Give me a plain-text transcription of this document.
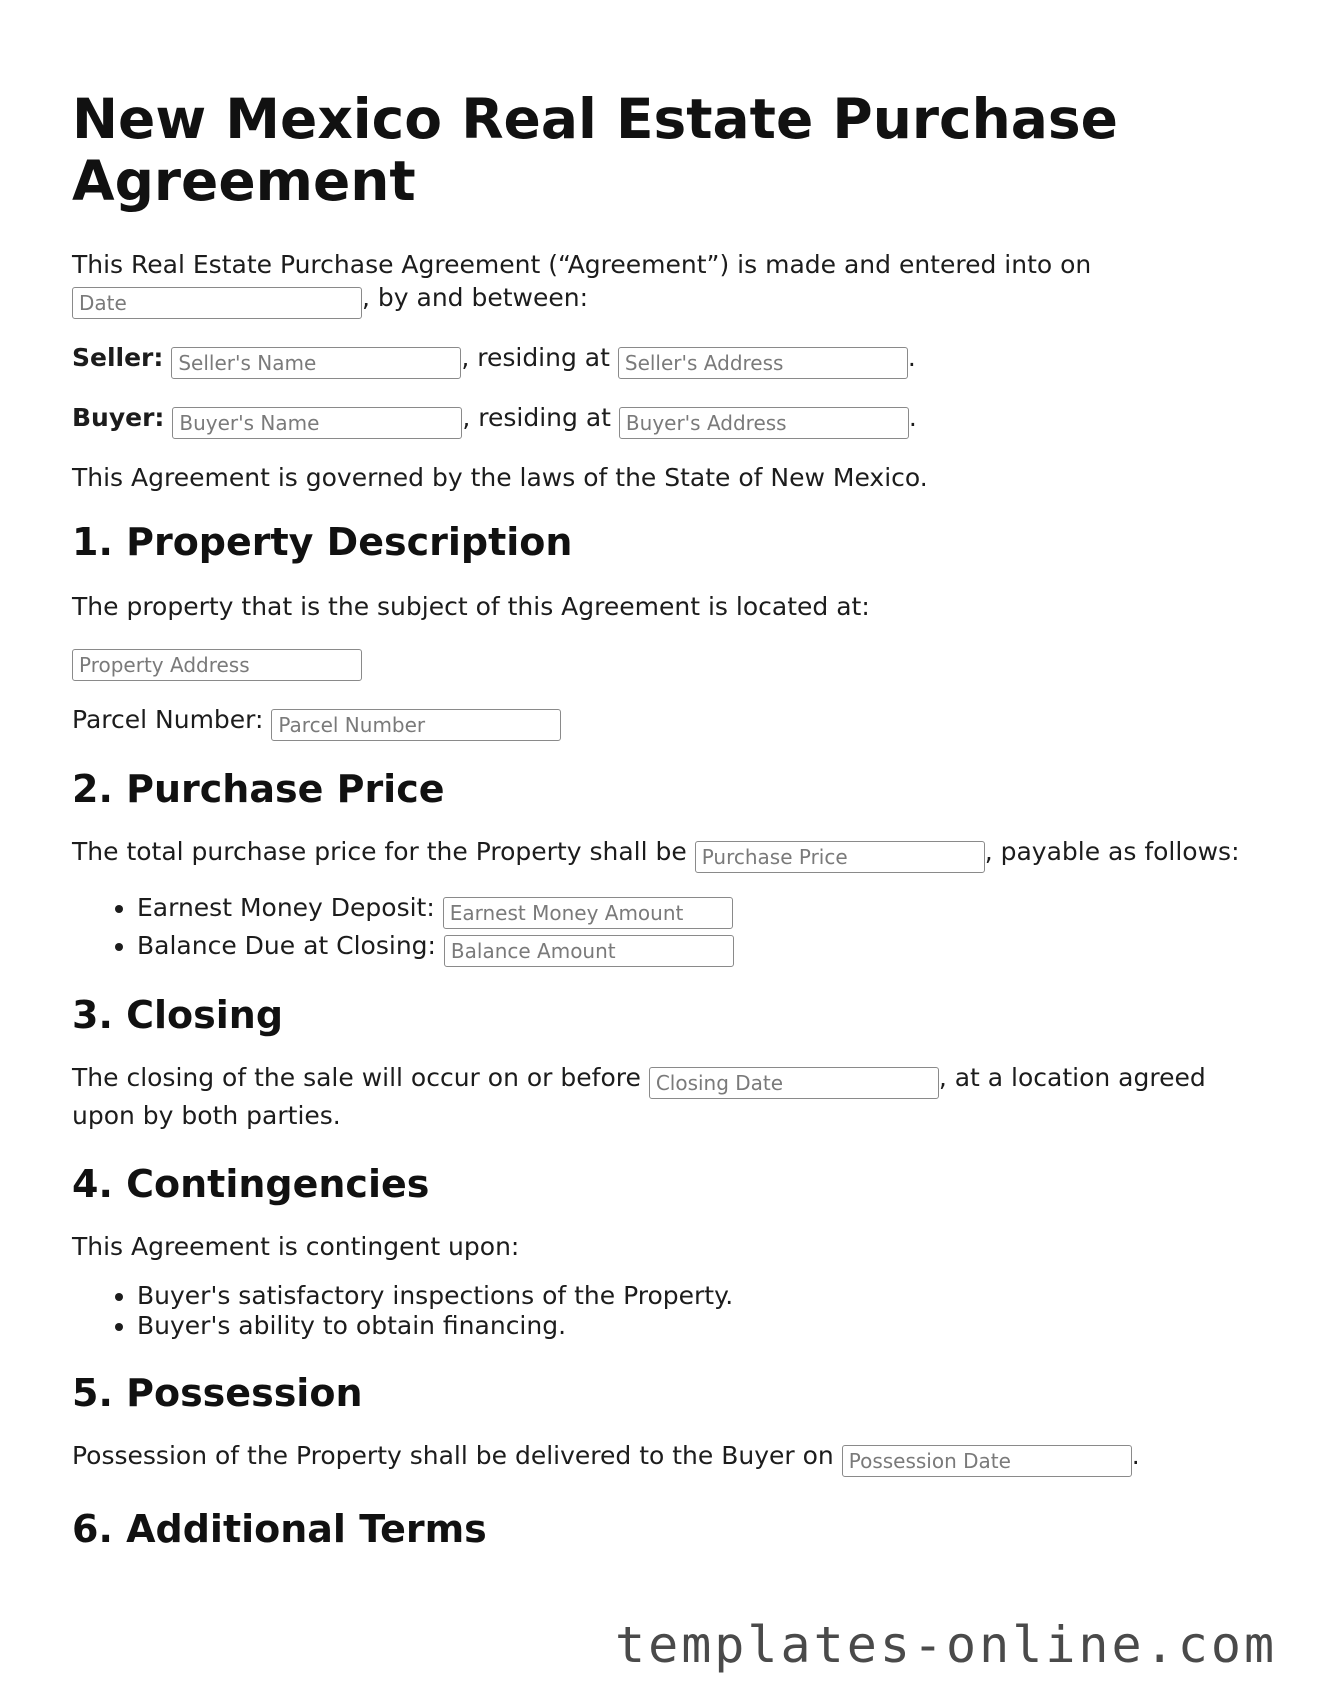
New Mexico Real Estate Purchase Agreement

This Real Estate Purchase Agreement (“Agreement”) is made and entered into on
Date, by and between:

Seller: Seller's Name	, residing at Seller's Address	.

Buyer: Buyer's Name	, residing at Buyer's Address	.

This Agreement is governed by the laws of the State of New Mexico.

1. Property Description

The property that is the subject of this Agreement is located at:

Property Address

Parcel Number: Parcel Number

2. Purchase Price

The total purchase price for the Property shall be Purchase Price	, payable as follows:

• Earnest Money Deposit: Earnest Money Amount
• Balance Due at Closing: Balance Amount
3. Closing

The closing of the sale will occur on or before Closing Date	, at a location agreed upon by both parties.

4. Contingencies

This Agreement is contingent upon:

• Buyer's satisfactory inspections of the Property.
• Buyer's ability to obtain financing.
5. Possession

Possession of the Property shall be delivered to the Buyer on Possession Date	.

6. Additional Terms
templates-online.com
